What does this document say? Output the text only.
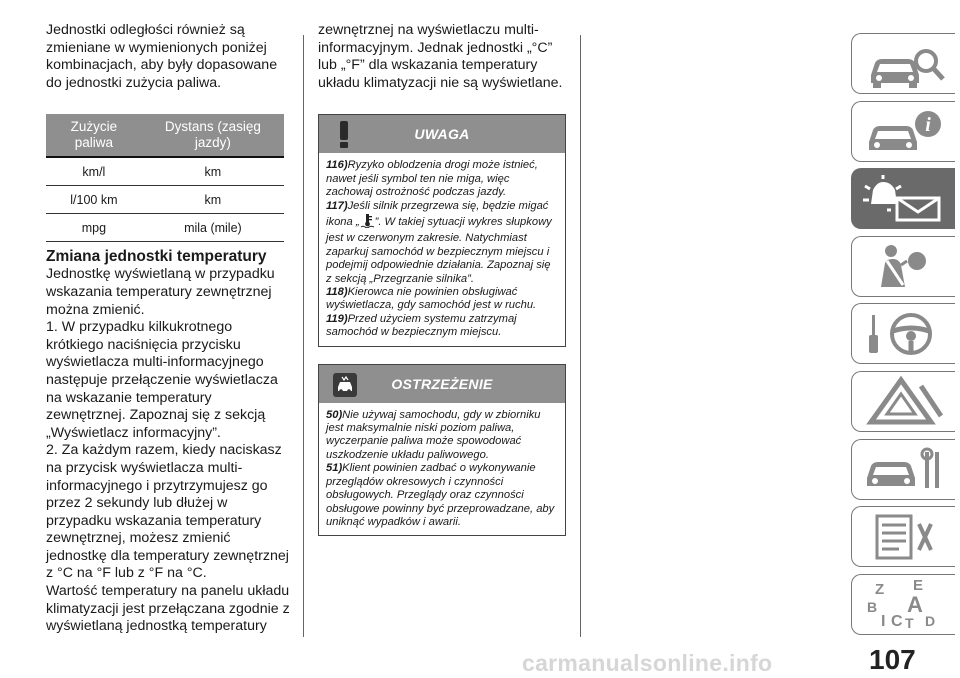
Jednostki odległości również są zmieniane w wymienionych poniżej kombinacjach, aby były dopasowane do jednostki zużycia paliwa.

Zużycie paliwa	Dystans (zasięg jazdy)
km/l	km
l/100 km	km
mpg	mila (mile)
Zmiana jednostki temperatury

Jednostkę wyświetlaną w przypadku wskazania temperatury zewnętrznej można zmienić.

1. W przypadku kilkukrotnego krótkiego naciśnięcia przycisku wyświetlacza multi-informacyjnego następuje przełączenie wyświetlacza na wskazanie temperatury zewnętrznej. Zapoznaj się z sekcją „Wyświetlacz informacyjny”.

2. Za każdym razem, kiedy naciskasz na przycisk wyświetlacza multi-informacyjnego i przytrzymujesz go przez 2 sekundy lub dłużej w przypadku wskazania temperatury zewnętrznej, możesz zmienić jednostkę dla temperatury zewnętrznej z °C na °F lub z °F na °C.

Wartość temperatury na panelu układu klimatyzacji jest przełączana zgodnie z wyświetlaną jednostką temperatury

zewnętrznej na wyświetlaczu multi-informacyjnym. Jednak jednostki „°C” lub „°F” dla wskazania temperatury układu klimatyzacji nie są wyświetlane.

UWAGA

116)Ryzyko oblodzenia drogi może istnieć, nawet jeśli symbol ten nie miga, więc zachowaj ostrożność podczas jazdy.

117)Jeśli silnik przegrzewa się, będzie migać ikona „ ”. W takiej sytuacji wykres słupkowy jest w czerwonym zakresie. Natychmiast zaparkuj samochód w bezpiecznym miejscu i podejmij odpowiednie działania. Zapoznaj się z sekcją „Przegrzanie silnika”.

118)Kierowca nie powinien obsługiwać wyświetlacza, gdy samochód jest w ruchu.

119)Przed użyciem systemu zatrzymaj samochód w bezpiecznym miejscu.

OSTRZEŻENIE

50)Nie używaj samochodu, gdy w zbiorniku jest maksymalnie niski poziom paliwa, wyczerpanie paliwa może spowodować uszkodzenie układu paliwowego.

51)Klient powinien zadbać o wykonywanie przeglądów okresowych i czynności obsługowych. Przeglądy oraz czynności obsługowe powinny być przeprowadzane, aby uniknąć wypadków i awarii.

i
Z E
B A
I C T D
carmanualsonline.info	107
